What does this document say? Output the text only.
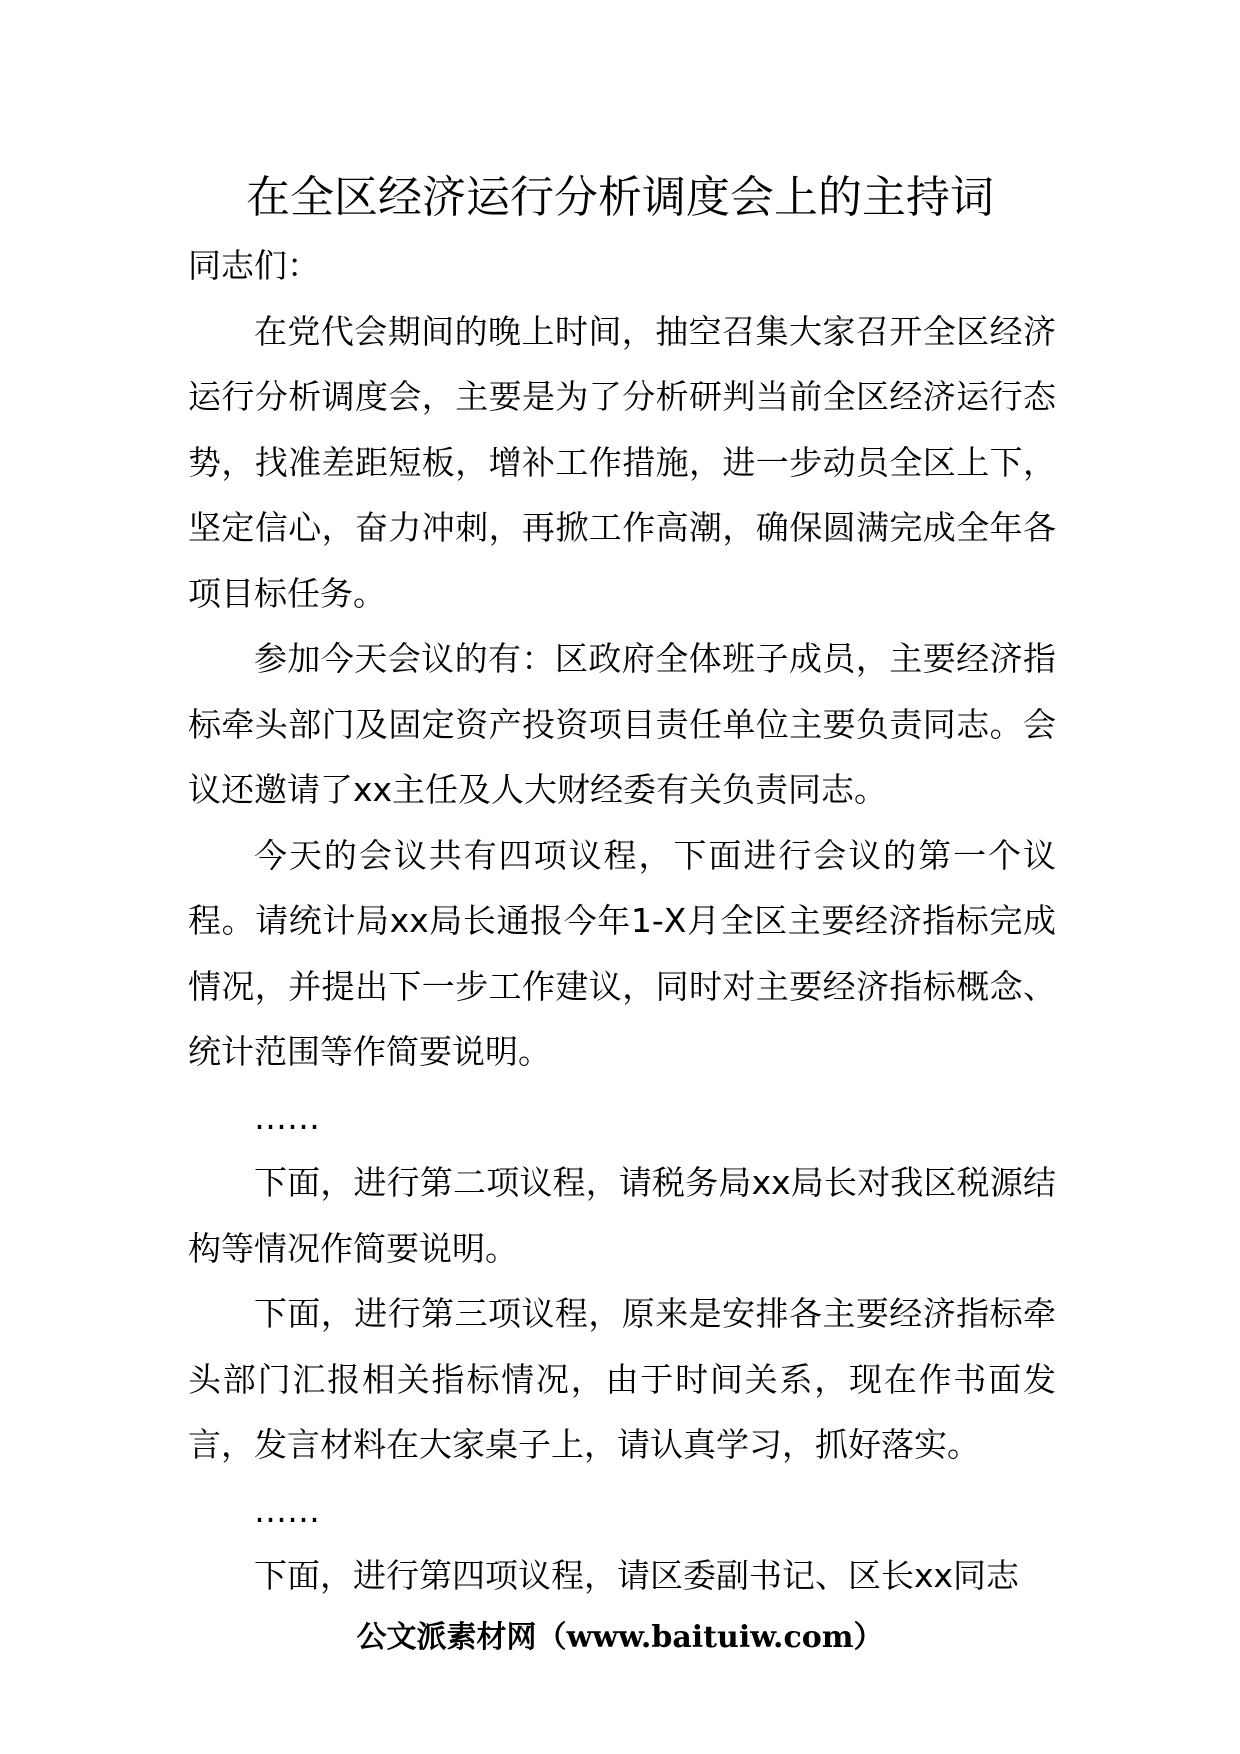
在全区经济运行分析调度会上的主持词

同志们：

在党代会期间的晚上时间，抽空召集大家召开全区经济运行分析调度会，主要是为了分析研判当前全区经济运行态势，找准差距短板，增补工作措施，进一步动员全区上下，坚定信心，奋力冲刺，再掀工作高潮，确保圆满完成全年各项目标任务。

参加今天会议的有：区政府全体班子成员，主要经济指标牵头部门及固定资产投资项目责任单位主要负责同志。会议还邀请了xx主任及人大财经委有关负责同志。

今天的会议共有四项议程，下面进行会议的第一个议程。请统计局xx局长通报今年1-X月全区主要经济指标完成情况，并提出下一步工作建议，同时对主要经济指标概念、统计范围等作简要说明。

……

下面，进行第二项议程，请税务局xx局长对我区税源结构等情况作简要说明。

下面，进行第三项议程，原来是安排各主要经济指标牵头部门汇报相关指标情况，由于时间关系，现在作书面发言，发言材料在大家桌子上，请认真学习，抓好落实。

……

下面，进行第四项议程，请区委副书记、区长xx同志

公文派素材网（www.baituiw.com）
